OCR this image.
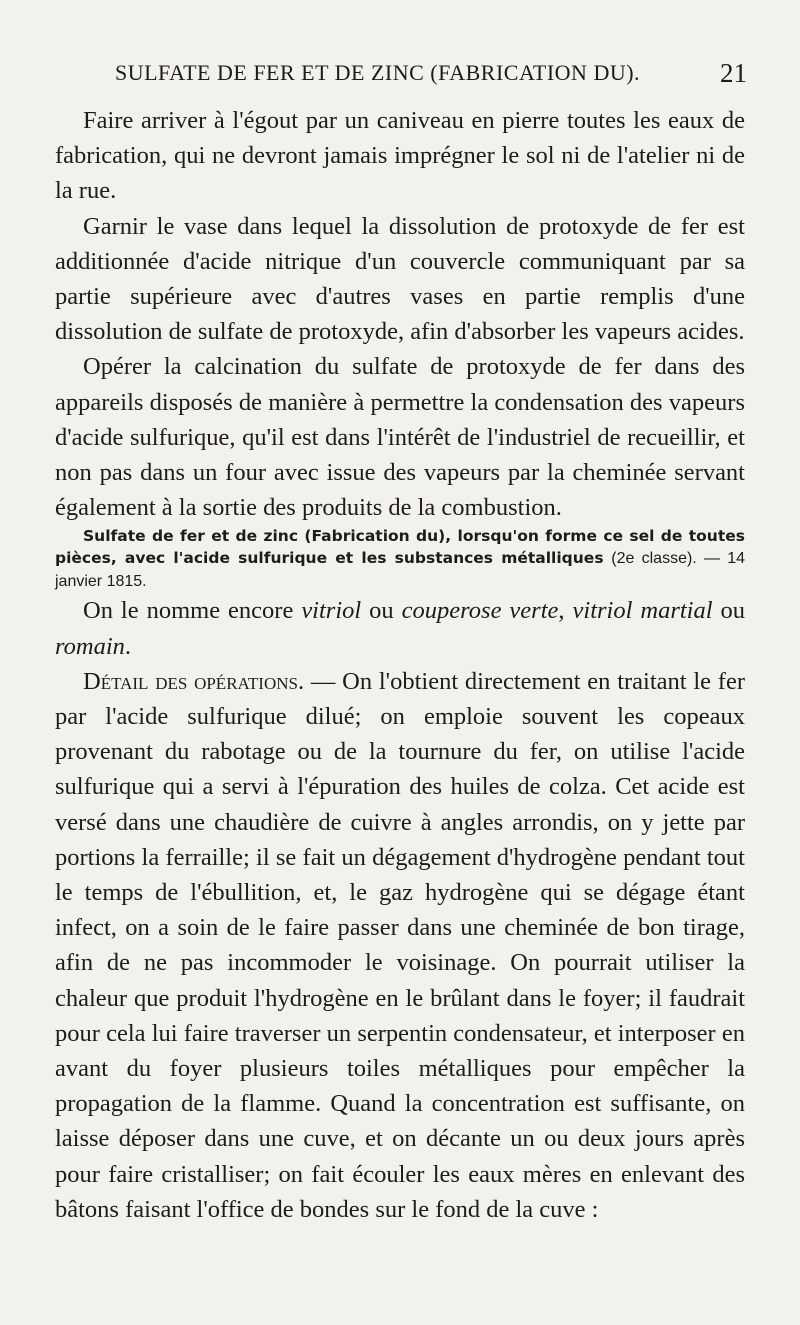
SULFATE DE FER ET DE ZINC (FABRICATION DU).	21

Faire arriver à l'égout par un caniveau en pierre toutes les eaux de fabrication, qui ne devront jamais imprégner le sol ni de l'atelier ni de la rue.

Garnir le vase dans lequel la dissolution de protoxyde de fer est additionnée d'acide nitrique d'un couvercle communiquant par sa partie supérieure avec d'autres vases en partie remplis d'une dissolution de sulfate de protoxyde, afin d'absorber les vapeurs acides.

Opérer la calcination du sulfate de protoxyde de fer dans des appareils disposés de manière à permettre la condensation des vapeurs d'acide sulfurique, qu'il est dans l'intérêt de l'industriel de recueillir, et non pas dans un four avec issue des vapeurs par la cheminée servant également à la sortie des produits de la combustion.

Sulfate de fer et de zinc (Fabrication du), lorsqu'on forme ce sel de toutes pièces, avec l'acide sulfurique et les substances métalliques (2e classe). — 14 janvier 1815.

On le nomme encore vitriol ou couperose verte, vitriol martial ou romain.

Détail des opérations. — On l'obtient directement en traitant le fer par l'acide sulfurique dilué; on emploie souvent les copeaux provenant du rabotage ou de la tournure du fer, on utilise l'acide sulfurique qui a servi à l'épuration des huiles de colza. Cet acide est versé dans une chaudière de cuivre à angles arrondis, on y jette par portions la ferraille; il se fait un dégagement d'hydrogène pendant tout le temps de l'ébullition, et, le gaz hydrogène qui se dégage étant infect, on a soin de le faire passer dans une cheminée de bon tirage, afin de ne pas incommoder le voisinage. On pourrait utiliser la chaleur que produit l'hydrogène en le brûlant dans le foyer; il faudrait pour cela lui faire traverser un serpentin condensateur, et interposer en avant du foyer plusieurs toiles métalliques pour empêcher la propagation de la flamme. Quand la concentration est suffisante, on laisse déposer dans une cuve, et on décante un ou deux jours après pour faire cristalliser; on fait écouler les eaux mères en enlevant des bâtons faisant l'office de bondes sur le fond de la cuve :
